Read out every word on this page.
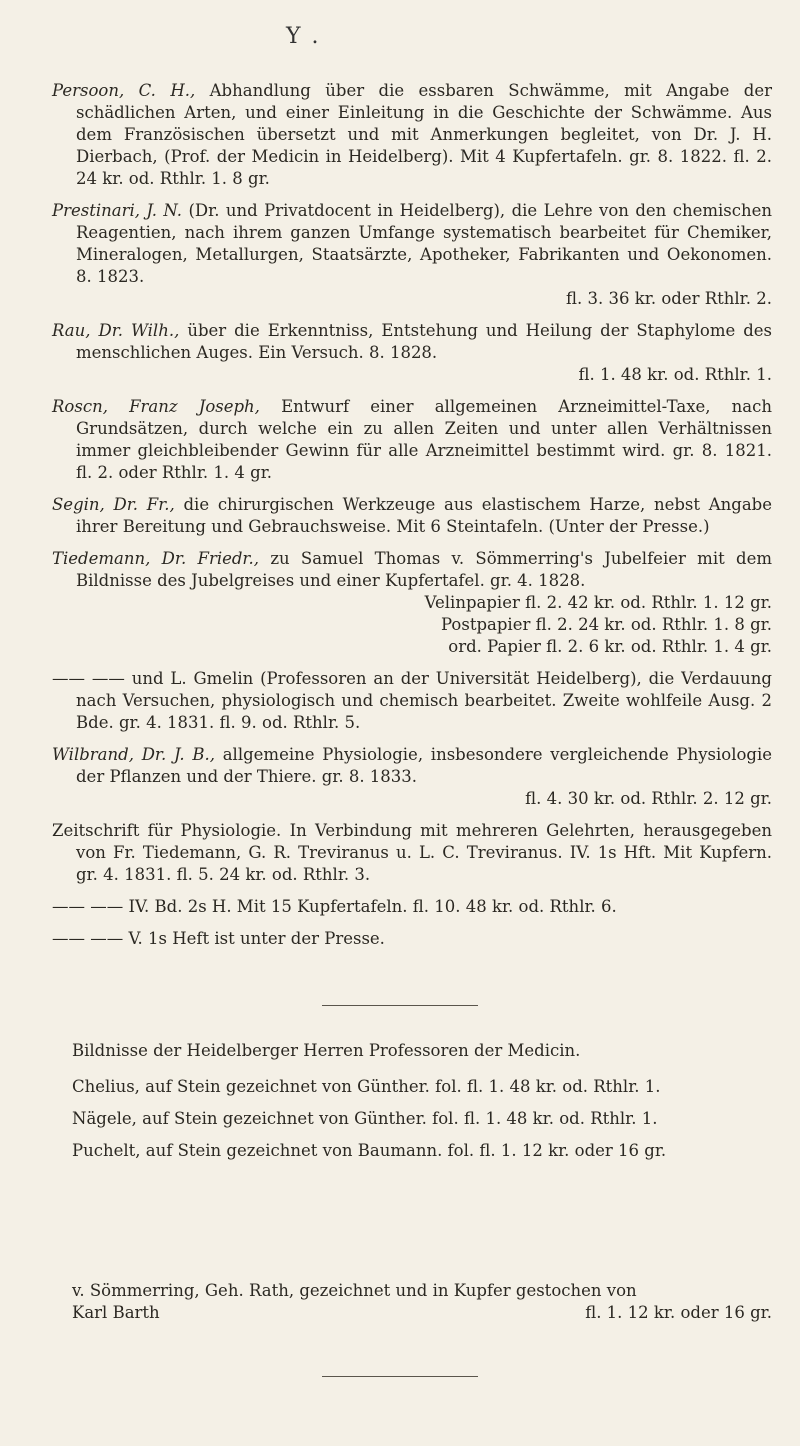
Y .
Persoon, C. H., Abhandlung über die essbaren Schwämme, mit Angabe der schädlichen Arten, und einer Einleitung in die Geschichte der Schwämme. Aus dem Französischen übersetzt und mit Anmerkungen begleitet, von Dr. J. H. Dierbach, (Prof. der Medicin in Heidelberg). Mit 4 Kupfertafeln. gr. 8. 1822. fl. 2. 24 kr. od. Rthlr. 1. 8 gr.
Prestinari, J. N. (Dr. und Privatdocent in Heidelberg), die Lehre von den chemischen Reagentien, nach ihrem ganzen Umfange systematisch bearbeitet für Chemiker, Mineralogen, Metallurgen, Staatsärzte, Apotheker, Fabrikanten und Oekonomen. 8. 1823.
fl. 3. 36 kr. oder Rthlr. 2.
Rau, Dr. Wilh., über die Erkenntniss, Entstehung und Heilung der Staphylome des menschlichen Auges. Ein Versuch. 8. 1828.
fl. 1. 48 kr. od. Rthlr. 1.
Roscn, Franz Joseph, Entwurf einer allgemeinen Arzneimittel-Taxe, nach Grundsätzen, durch welche ein zu allen Zeiten und unter allen Verhältnissen immer gleichbleibender Gewinn für alle Arzneimittel bestimmt wird. gr. 8. 1821. fl. 2. oder Rthlr. 1. 4 gr.
Segin, Dr. Fr., die chirurgischen Werkzeuge aus elastischem Harze, nebst Angabe ihrer Bereitung und Gebrauchsweise. Mit 6 Steintafeln. (Unter der Presse.)
Tiedemann, Dr. Friedr., zu Samuel Thomas v. Sömmerring's Jubelfeier mit dem Bildnisse des Jubelgreises und einer Kupfertafel. gr. 4. 1828.
Velinpapier fl. 2. 42 kr. od. Rthlr. 1. 12 gr.
Postpapier fl. 2. 24 kr. od. Rthlr. 1. 8 gr.
ord. Papier fl. 2. 6 kr. od. Rthlr. 1. 4 gr.
—— —— und L. Gmelin (Professoren an der Universität Heidelberg), die Verdauung nach Versuchen, physiologisch und chemisch bearbeitet. Zweite wohlfeile Ausg. 2 Bde. gr. 4. 1831. fl. 9. od. Rthlr. 5.
Wilbrand, Dr. J. B., allgemeine Physiologie, insbesondere vergleichende Physiologie der Pflanzen und der Thiere. gr. 8. 1833.
fl. 4. 30 kr. od. Rthlr. 2. 12 gr.
Zeitschrift für Physiologie. In Verbindung mit mehreren Gelehrten, herausgegeben von Fr. Tiedemann, G. R. Treviranus u. L. C. Treviranus. IV. 1s Hft. Mit Kupfern. gr. 4. 1831. fl. 5. 24 kr. od. Rthlr. 3.
—— —— IV. Bd. 2s H. Mit 15 Kupfertafeln. fl. 10. 48 kr. od. Rthlr. 6.
—— —— V. 1s Heft ist unter der Presse.
Bildnisse der Heidelberger Herren Professoren der Medicin.

Chelius, auf Stein gezeichnet von Günther. fol. fl. 1. 48 kr. od. Rthlr. 1.

Nägele, auf Stein gezeichnet von Günther. fol. fl. 1. 48 kr. od. Rthlr. 1.

Puchelt, auf Stein gezeichnet von Baumann. fol. fl. 1. 12 kr. oder 16 gr.

v. Sömmerring, Geh. Rath, gezeichnet und in Kupfer gestochen von
Karl Barth	fl. 1. 12 kr. oder 16 gr.
